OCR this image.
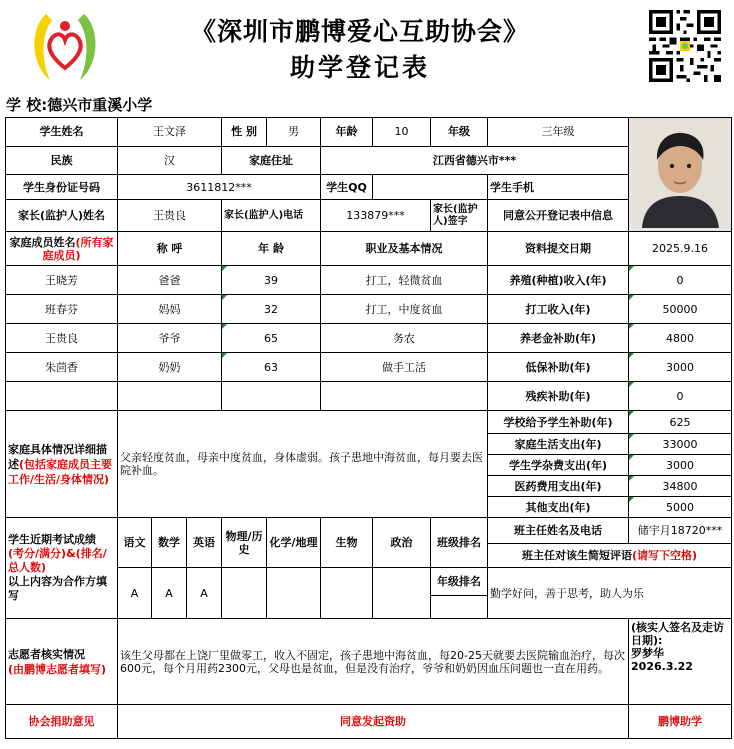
《深圳市鹏博爱心互助协会》
助学登记表
学 校:德兴市重溪小学
学生姓名	王文泽			性 别	男	年龄	10	年级	三年级	
民族	汉			家庭住址		江西省德兴市***				
学生身份证号码	3611812***					学生QQ			学生手机	
家长(监护人)姓名	王贵良			家长(监护人)电话		133879***		家长(监护人)签字	同意公开登记表中信息	
家庭成员姓名(所有家庭成员)	称 呼			年 龄		职业及基本情况			资料提交日期	2025.9.16
王晓芳	爸爸			39		打工，轻微贫血			养殖(种植)收入(年)	0
班春芬	妈妈			32		打工，中度贫血			打工收入(年)	50000
王贵良	爷爷			65		务农			养老金补助(年)	4800
朱茴香	奶奶			63		做手工活			低保补助(年)	3000
									残疾补助(年)	0
家庭具体情况详细描述(包括家庭成员主要工作/生活/身体情况)	父亲轻度贫血，母亲中度贫血，身体虚弱。孩子患地中海贫血，每月要去医院补血。								学校给予学生补助(年)	625
									家庭生活支出(年)	33000
									学生学杂费支出(年)	3000
									医药费用支出(年)	34800
									其他支出(年)	5000
学生近期考试成绩
(考分/满分)&(排名/总人数)
以上内容为合作方填写	语文	数学	英语	物理/历史	化学/地理	生物	政治	班级排名	班主任姓名及电话	储宇月18720***
									班主任对该生简短评语(请写下空格)	
	A	A	A					年级排名	勤学好问，善于思考，助人为乐	

志愿者核实情况
(由鹏博志愿者填写)	该生父母都在上饶厂里做零工，收入不固定，孩子患地中海贫血，每20-25天就要去医院输血治疗，每次600元，每个月用药2300元，父母也是贫血，但是没有治疗，爷爷和奶奶因血压问题也一直在用药。									(核实人签名及走访日期):
罗梦华
2026.3.22
协会捐助意见	同意发起资助									鹏博助学
